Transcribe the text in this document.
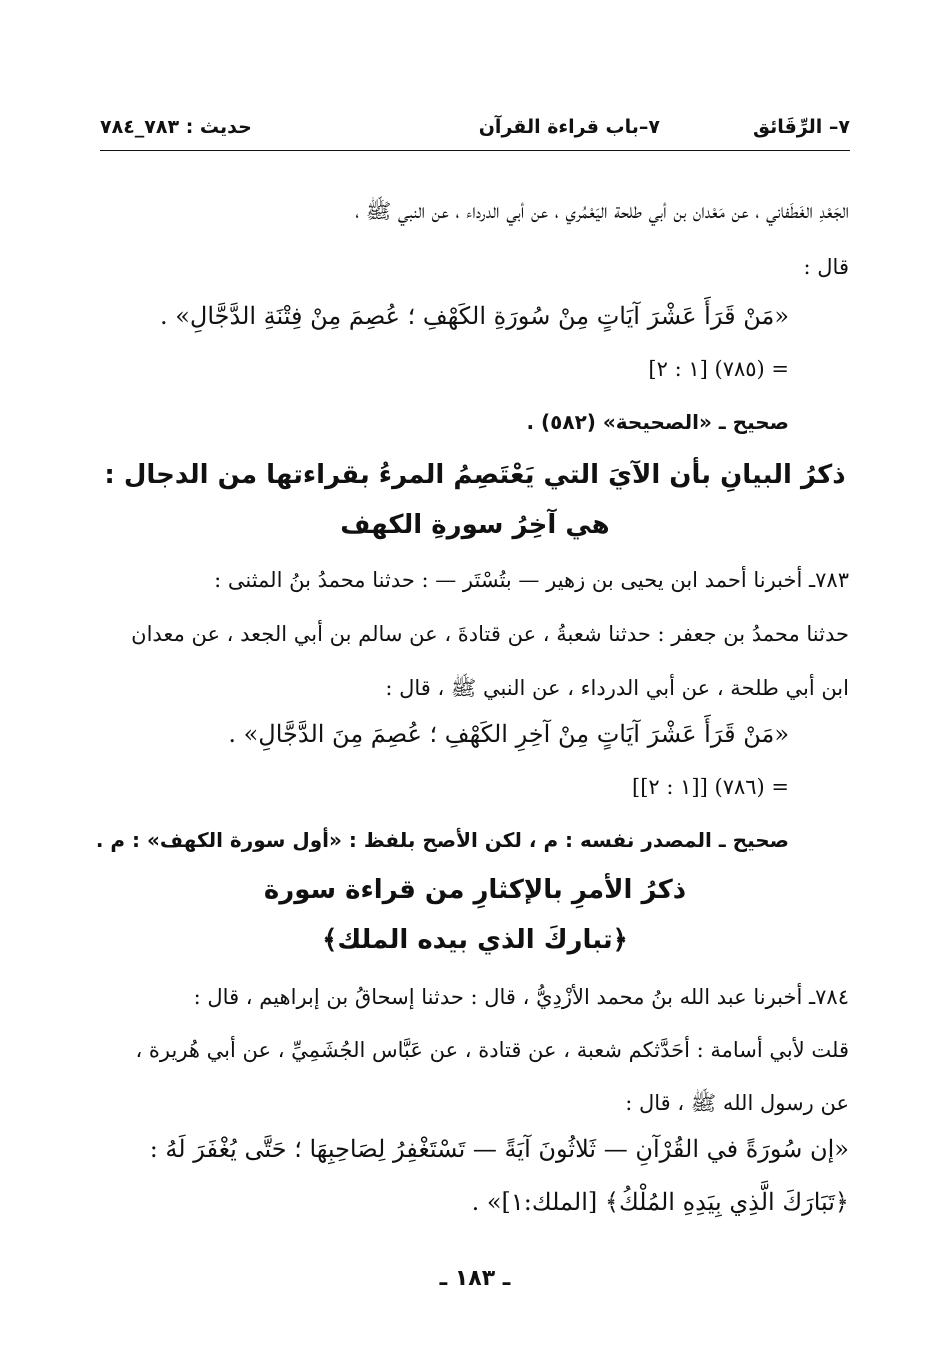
٧– الرِّقَائق
٧–باب قراءة القرآن
حديث : ٧٨٣_٧٨٤
الجَعْدِ الغَطَفاني ، عن مَعْدان بن أبي طلحة اليَعْمُري ، عن أبي الدرداء ، عن النبي ﷺ ،
قال :
«مَنْ قَرَأَ عَشْرَ آيَاتٍ مِنْ سُورَةِ الكَهْفِ ؛ عُصِمَ مِنْ فِتْنَةِ الدَّجَّالِ» .
= (٧٨٥) [١ : ٢]
صحيح ـ «الصحيحة» (٥٨٢) .
ذكرُ البيانِ بأن الآيَ التي يَعْتَصِمُ المرءُ بقراءتها من الدجال :
هي آخِرُ سورةِ الكهف
٧٨٣ـ أخبرنا أحمد ابن يحيى بن زهير — بتُسْتَر — : حدثنا محمدُ بنُ المثنى :
حدثنا محمدُ بن جعفر : حدثنا شعبةُ ، عن قتادةَ ، عن سالم بن أبي الجعد ، عن معدان
ابن أبي طلحة ، عن أبي الدرداء ، عن النبي ﷺ ، قال :
«مَنْ قَرَأَ عَشْرَ آيَاتٍ مِنْ آخِرِ الكَهْفِ ؛ عُصِمَ مِنَ الدَّجَّالِ» .
= (٧٨٦) [[١ : ٢]]
صحيح ـ المصدر نفسه : م ، لكن الأصح بلفظ : «أول سورة الكهف» : م .
ذكرُ الأمرِ بالإكثارِ من قراءة سورة
﴿تباركَ الذي بيده الملك﴾
٧٨٤ـ أخبرنا عبد الله بنُ محمد الأزْدِيُّ ، قال : حدثنا إسحاقُ بن إبراهيم ، قال :
قلت لأبي أسامة : أحَدَّثكم شعبة ، عن قتادة ، عن عَبَّاس الجُشَمِيِّ ، عن أبي هُريرة ،
عن رسول الله ﷺ ، قال :
«إن سُورَةً في القُرْآنِ — ثَلاثُونَ آيَةً — تَسْتَغْفِرُ لِصَاحِبِهَا ؛ حَتَّى يُغْفَرَ لَهُ :
﴿تَبَارَكَ الَّذِي بِيَدِهِ المُلْكُ﴾ [الملك:١]» .
ـ ١٨٣ ـ
